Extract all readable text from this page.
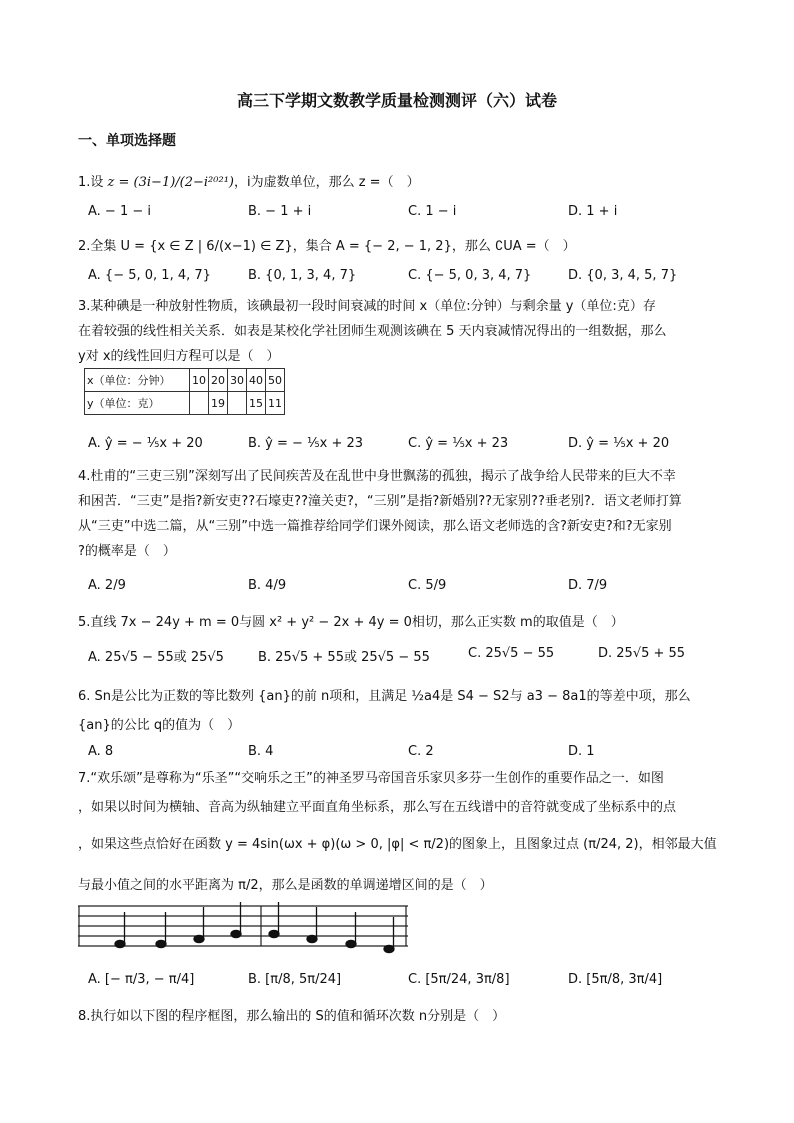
高三下学期文数教学质量检测测评（六）试卷
一、单项选择题
1.设 z = (3i−1)/(2−i²⁰²¹)，i为虚数单位，那么 z =（　）
A. − 1 − i	B. − 1 + i	C. 1 − i	D. 1 + i
2.全集 U = {x ∈ Z | 6/(x−1) ∈ Z}，集合 A = {− 2, − 1, 2}，那么 ∁UA =（　）
A. {− 5, 0, 1, 4, 7}	B. {0, 1, 3, 4, 7}	C. {− 5, 0, 3, 4, 7}	D. {0, 3, 4, 5, 7}
3.某种碘是一种放射性物质，该碘最初一段时间衰减的时间 x（单位:分钟）与剩余量 y（单位:克）存
在着较强的线性相关关系．如表是某校化学社团师生观测该碘在 5 天内衰减情况得出的一组数据，那么
y对 x的线性回归方程可以是（　）
x（单位：分钟）	10	20	30	40	50
y（单位：克）		19		15	11
A. ŷ = − ⅕x + 20	B. ŷ = − ⅕x + 23	C. ŷ = ⅕x + 23	D. ŷ = ⅕x + 20
4.杜甫的“三吏三别”深刻写出了民间疾苦及在乱世中身世飘荡的孤独，揭示了战争给人民带来的巨大不幸
和困苦．“三吏”是指?新安吏??石壕吏??潼关吏?，“三别”是指?新婚别??无家别??垂老别?．语文老师打算
从“三吏”中选二篇，从“三别”中选一篇推荐给同学们课外阅读，那么语文老师选的含?新安吏?和?无家别
?的概率是（　）
A. 2/9	B. 4/9	C. 5/9	D. 7/9
5.直线 7x − 24y + m = 0与圆 x² + y² − 2x + 4y = 0相切，那么正实数 m的取值是（　）
A. 25√5 − 55或 25√5	B. 25√5 + 55或 25√5 − 55	C. 25√5 − 55	D. 25√5 + 55
6. Sn是公比为正数的等比数列 {an}的前 n项和，且满足 ½a4是 S4 − S2与 a3 − 8a1的等差中项，那么
{an}的公比 q的值为（　）
A. 8	B. 4	C. 2	D. 1
7.“欢乐颂”是尊称为“乐圣”“交响乐之王”的神圣罗马帝国音乐家贝多芬一生创作的重要作品之一．如图
，如果以时间为横轴、音高为纵轴建立平面直角坐标系，那么写在五线谱中的音符就变成了坐标系中的点
，如果这些点恰好在函数 y = 4sin(ωx + φ)(ω > 0, |φ| < π/2)的图象上，且图象过点 (π/24, 2)，相邻最大值
与最小值之间的水平距离为 π/2，那么是函数的单调递增区间的是（　）
A. [− π/3, − π/4]	B. [π/8, 5π/24]	C. [5π/24, 3π/8]	D. [5π/8, 3π/4]
8.执行如以下图的程序框图，那么输出的 S的值和循环次数 n分别是（　）
